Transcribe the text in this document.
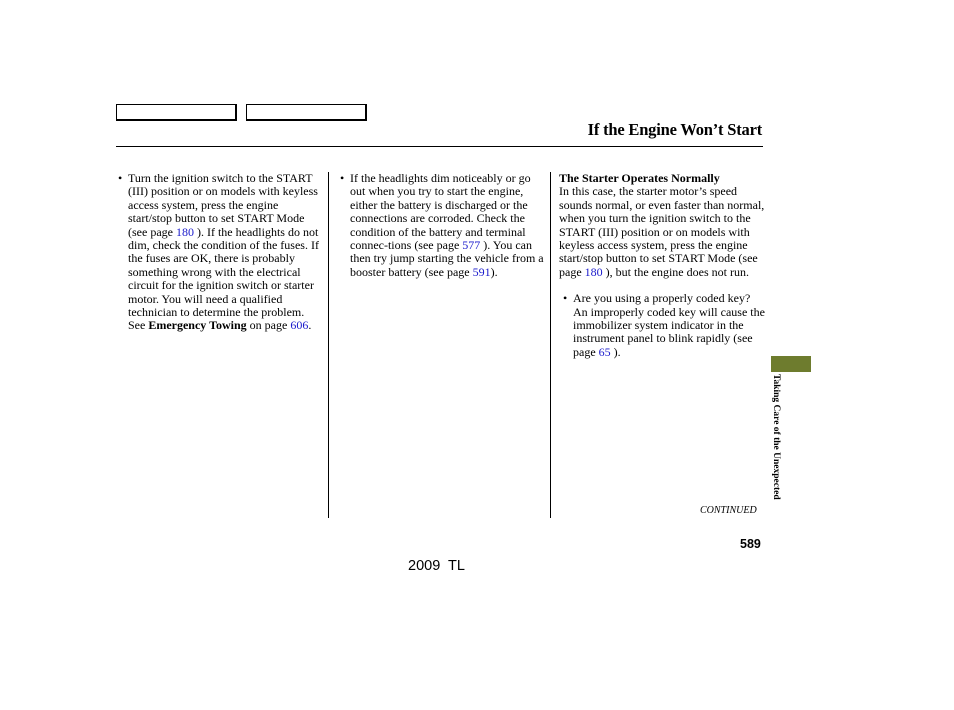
If the Engine Won’t Start
• Turn the ignition switch to the START (III) position or on models with keyless access system, press the engine start/stop button to set START Mode (see page 180 ). If the headlights do not dim, check the condition of the fuses. If the fuses are OK, there is probably something wrong with the electrical circuit for the ignition switch or starter motor. You will need a qualified technician to determine the problem. See Emergency Towing on page 606.
• If the headlights dim noticeably or go out when you try to start the engine, either the battery is discharged or the connections are corroded. Check the condition of the battery and terminal connec-tions (see page 577 ). You can then try jump starting the vehicle from a booster battery (see page 591).
The Starter Operates Normally

In this case, the starter motor’s speed sounds normal, or even faster than normal, when you turn the ignition switch to the START (III) position or on models with keyless access system, press the engine start/stop button to set START Mode (see page 180 ), but the engine does not run.

• Are you using a properly coded key? An improperly coded key will cause the immobilizer system indicator in the instrument panel to blink rapidly (see page 65 ).
Taking Care of the Unexpected
CONTINUED
589
2009  TL
